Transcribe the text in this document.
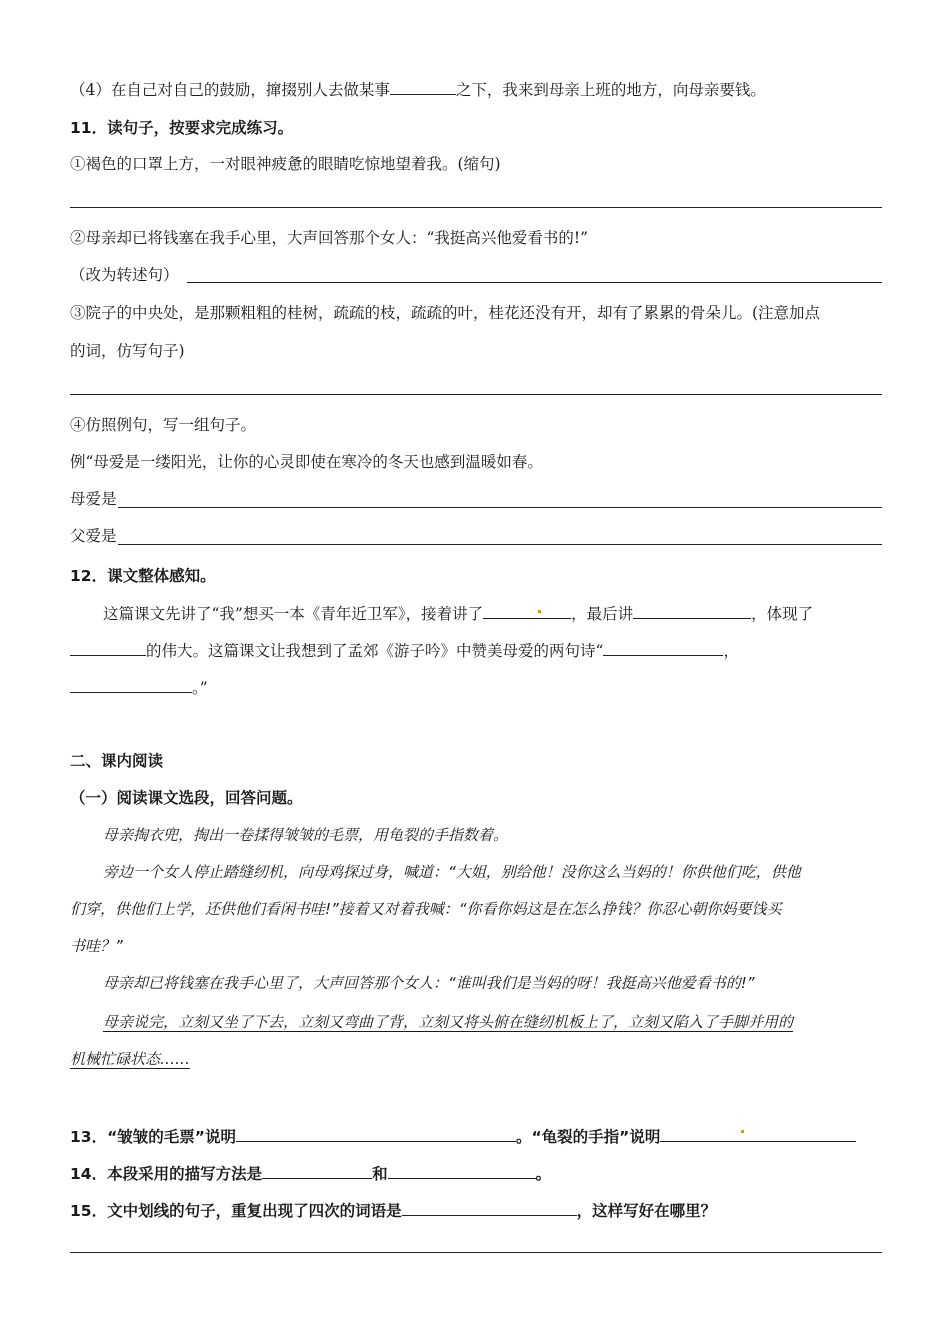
（4）在自己对自己的鼓励，撺掇别人去做某事	之下，我来到母亲上班的地方，向母亲要钱。
11．读句子，按要求完成练习。
①褐色的口罩上方，一对眼神疲惫的眼睛吃惊地望着我。(缩句)
②母亲却已将钱塞在我手心里，大声回答那个女人：“我挺高兴他爱看书的!”
（改为转述句）
③院子的中央处，是那颗粗粗的桂树，疏疏的枝，疏疏的叶，桂花还没有开，却有了累累的骨朵儿。(注意加点
的词，仿写句子)
④仿照例句，写一组句子。
例“母爱是一缕阳光，让你的心灵即使在寒冷的冬天也感到温暖如春。
母爱是
父爱是
12．课文整体感知。
这篇课文先讲了“我”想买一本《青年近卫军》，接着讲了	，最后讲	，体现了
的伟大。这篇课文让我想到了孟郊《游子吟》中赞美母爱的两句诗“	，
。”
二、课内阅读
（一）阅读课文选段，回答问题。
母亲掏衣兜，掏出一卷揉得皱皱的毛票，用龟裂的手指数着。
旁边一个女人停止踏缝纫机，向母鸡探过身，喊道：“大姐，别给他！没你这么当妈的！你供他们吃，供他
们穿，供他们上学，还供他们看闲书哇!”接着又对着我喊：“你看你妈这是在怎么挣钱？你忍心朝你妈要饯买
书哇？”
母亲却已将钱塞在我手心里了，大声回答那个女人：“谁叫我们是当妈的呀！我挺高兴他爱看书的!”
母亲说完，立刻又坐了下去，立刻又弯曲了背，立刻又将头俯在缝纫机板上了，立刻又陷入了手脚并用的
机械忙碌状态……
13．“皱皱的毛票”说明	。“龟裂的手指”说明
14．本段采用的描写方法是	和	。
15．文中划线的句子，重复出现了四次的词语是	，这样写好在哪里？
